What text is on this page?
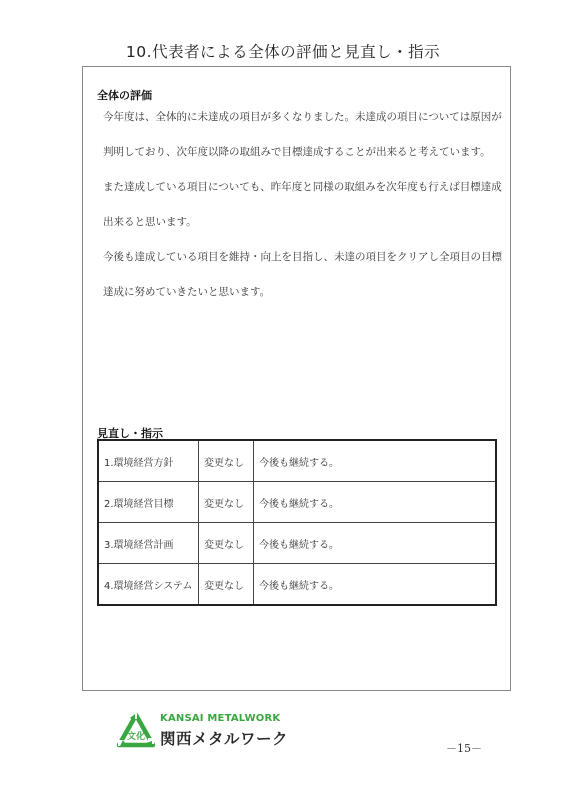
10.代表者による全体の評価と見直し・指示
全体の評価
今年度は、全体的に未達成の項目が多くなりました。未達成の項目については原因が
判明しており、次年度以降の取組みで目標達成することが出来ると考えています。
また達成している項目についても、昨年度と同様の取組みを次年度も行えば目標達成
出来ると思います。
今後も達成している項目を維持・向上を目指し、未達の項目をクリアし全項目の目標
達成に努めていきたいと思います。
見直し・指示
1.環境経営方針	変更なし	今後も継続する。
2.環境経営目標	変更なし	今後も継続する。
3.環境経営計画	変更なし	今後も継続する。
4.環境経営システム	変更なし	今後も継続する。
文化
KANSAI METALWORK
関西メタルワーク
－15－
